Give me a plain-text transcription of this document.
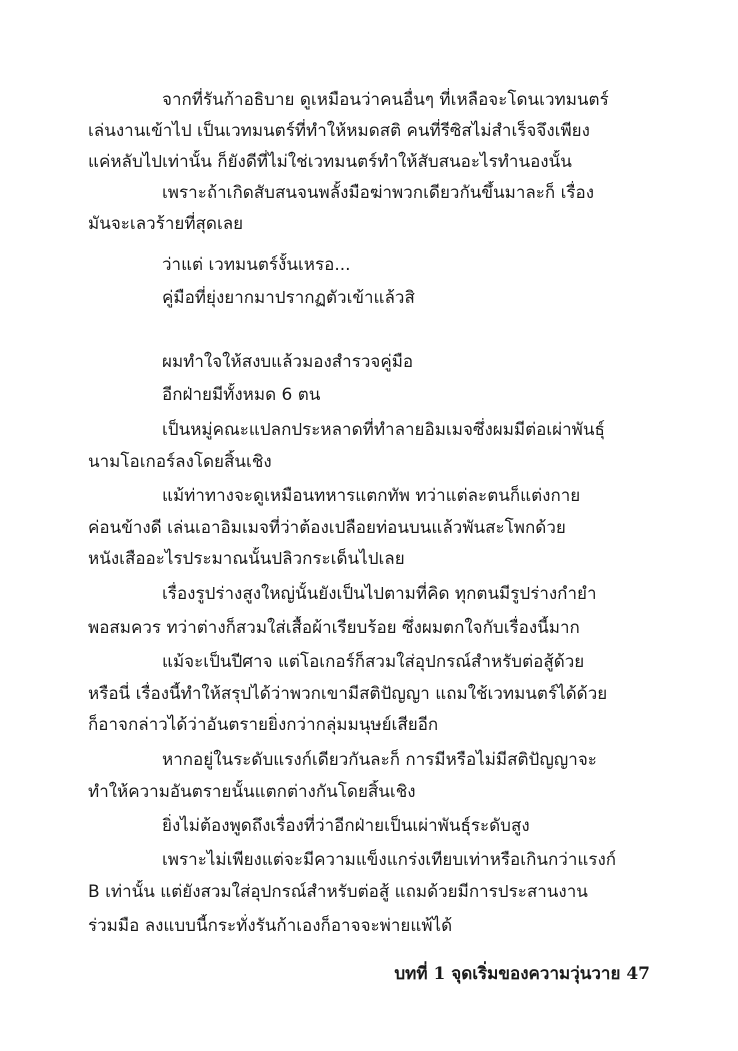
จากที่รันก้าอธิบาย ดูเหมือนว่าคนอื่นๆ ที่เหลือจะโดนเวทมนตร์
เล่นงานเข้าไป เป็นเวทมนตร์ที่ทำให้หมดสติ คนที่รีซิสไม่สำเร็จจึงเพียง
แค่หลับไปเท่านั้น ก็ยังดีที่ไม่ใช่เวทมนตร์ทำให้สับสนอะไรทำนองนั้น
เพราะถ้าเกิดสับสนจนพลั้งมือฆ่าพวกเดียวกันขึ้นมาละก็ เรื่อง
มันจะเลวร้ายที่สุดเลย
ว่าแต่ เวทมนตร์งั้นเหรอ...
คู่มือที่ยุ่งยากมาปรากฏตัวเข้าแล้วสิ
ผมทำใจให้สงบแล้วมองสำรวจคู่มือ
อีกฝ่ายมีทั้งหมด 6 ตน
เป็นหมู่คณะแปลกประหลาดที่ทำลายอิมเมจซึ่งผมมีต่อเผ่าพันธุ์
นามโอเกอร์ลงโดยสิ้นเชิง
แม้ท่าทางจะดูเหมือนทหารแตกทัพ ทว่าแต่ละตนก็แต่งกาย
ค่อนข้างดี เล่นเอาอิมเมจที่ว่าต้องเปลือยท่อนบนแล้วพันสะโพกด้วย
หนังเสืออะไรประมาณนั้นปลิวกระเด็นไปเลย
เรื่องรูปร่างสูงใหญ่นั้นยังเป็นไปตามที่คิด ทุกตนมีรูปร่างกำยำ
พอสมควร ทว่าต่างก็สวมใส่เสื้อผ้าเรียบร้อย ซึ่งผมตกใจกับเรื่องนี้มาก
แม้จะเป็นปีศาจ แต่โอเกอร์ก็สวมใส่อุปกรณ์สำหรับต่อสู้ด้วย
หรือนี่ เรื่องนี้ทำให้สรุปได้ว่าพวกเขามีสติปัญญา แถมใช้เวทมนตร์ได้ด้วย
ก็อาจกล่าวได้ว่าอันตรายยิ่งกว่ากลุ่มมนุษย์เสียอีก
หากอยู่ในระดับแรงก์เดียวกันละก็ การมีหรือไม่มีสติปัญญาจะ
ทำให้ความอันตรายนั้นแตกต่างกันโดยสิ้นเชิง
ยิ่งไม่ต้องพูดถึงเรื่องที่ว่าอีกฝ่ายเป็นเผ่าพันธุ์ระดับสูง
เพราะไม่เพียงแต่จะมีความแข็งแกร่งเทียบเท่าหรือเกินกว่าแรงก์
B เท่านั้น แต่ยังสวมใส่อุปกรณ์สำหรับต่อสู้ แถมด้วยมีการประสานงาน
ร่วมมือ ลงแบบนี้กระทั่งรันก้าเองก็อาจจะพ่ายแพ้ได้
บทที่ 1 จุดเริ่มของความวุ่นวาย 47
